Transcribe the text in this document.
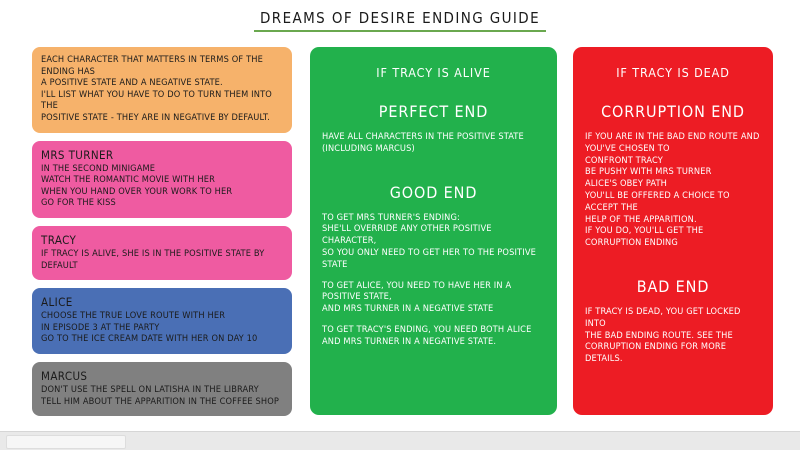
DREAMS OF DESIRE ENDING GUIDE
EACH CHARACTER THAT MATTERS IN TERMS OF THE ENDING HAS
A POSITIVE STATE AND A NEGATIVE STATE.
I'LL LIST WHAT YOU HAVE TO DO TO TURN THEM INTO THE
POSITIVE STATE - THEY ARE IN NEGATIVE BY DEFAULT.
MRS TURNER
IN THE SECOND MINIGAME
WATCH THE ROMANTIC MOVIE WITH HER
WHEN YOU HAND OVER YOUR WORK TO HER
GO FOR THE KISS
TRACY
IF TRACY IS ALIVE, SHE IS IN THE POSITIVE STATE BY DEFAULT
ALICE
CHOOSE THE TRUE LOVE ROUTE WITH HER
IN EPISODE 3 AT THE PARTY
GO TO THE ICE CREAM DATE WITH HER ON DAY 10
MARCUS
DON'T USE THE SPELL ON LATISHA IN THE LIBRARY
TELL HIM ABOUT THE APPARITION IN THE COFFEE SHOP
IF TRACY IS ALIVE
PERFECT END
HAVE ALL CHARACTERS IN THE POSITIVE STATE
(INCLUDING MARCUS)
GOOD END
TO GET MRS TURNER'S ENDING:
SHE'LL OVERRIDE ANY OTHER POSITIVE CHARACTER,
SO YOU ONLY NEED TO GET HER TO THE POSITIVE STATE
TO GET ALICE, YOU NEED TO HAVE HER IN A POSITIVE STATE,
AND MRS TURNER IN A NEGATIVE STATE
TO GET TRACY'S ENDING, YOU NEED BOTH ALICE
AND MRS TURNER IN A NEGATIVE STATE.
IF TRACY IS DEAD
CORRUPTION END
IF YOU ARE IN THE BAD END ROUTE AND
YOU'VE CHOSEN TO
CONFRONT TRACY
BE PUSHY WITH MRS TURNER
ALICE'S OBEY PATH
YOU'LL BE OFFERED A CHOICE TO ACCEPT THE
HELP OF THE APPARITION.
IF YOU DO, YOU'LL GET THE CORRUPTION ENDING
BAD END
IF TRACY IS DEAD, YOU GET LOCKED INTO
THE BAD ENDING ROUTE. SEE THE
CORRUPTION ENDING FOR MORE DETAILS.
